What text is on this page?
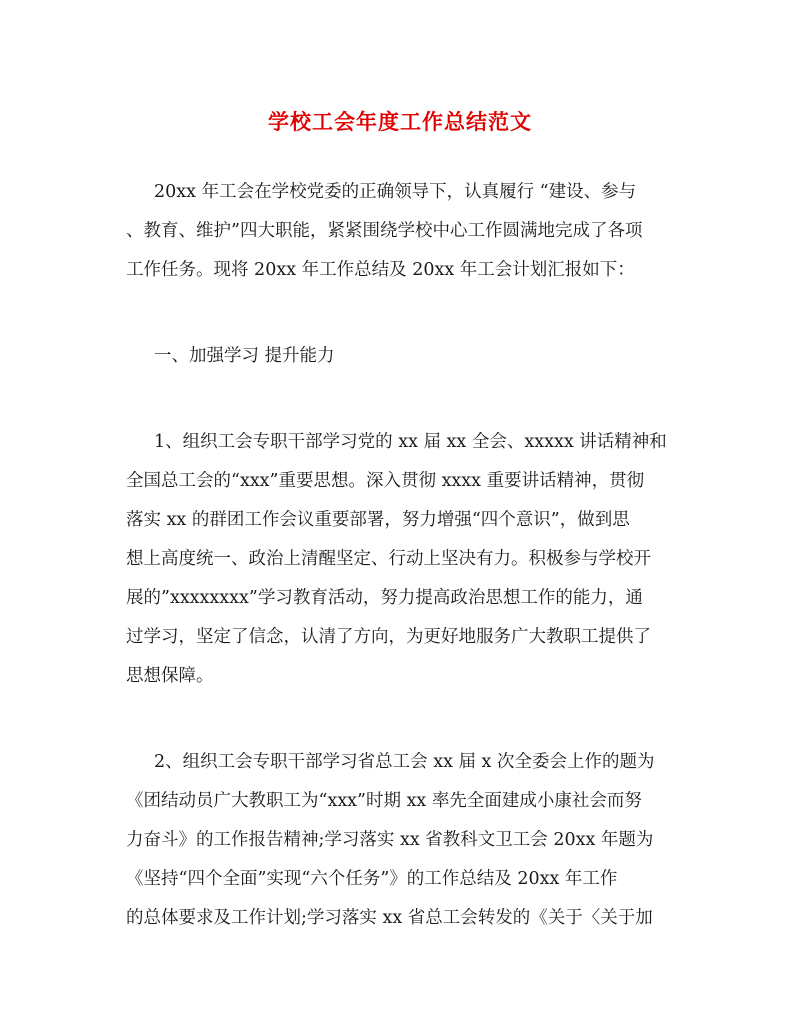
学校工会年度工作总结范文
20xx 年工会在学校党委的正确领导下，认真履行 “建设、参与
、教育、维护”四大职能，紧紧围绕学校中心工作圆满地完成了各项
工作任务。现将 20xx 年工作总结及 20xx 年工会计划汇报如下：
一、加强学习 提升能力
1、组织工会专职干部学习党的 xx 届 xx 全会、xxxxx 讲话精神和
全国总工会的“xxx”重要思想。深入贯彻 xxxx 重要讲话精神，贯彻
落实 xx 的群团工作会议重要部署，努力增强“四个意识”，做到思
想上高度统一、政治上清醒坚定、行动上坚决有力。积极参与学校开
展的”xxxxxxxx”学习教育活动，努力提高政治思想工作的能力，通
过学习，坚定了信念，认清了方向，为更好地服务广大教职工提供了
思想保障。
2、组织工会专职干部学习省总工会 xx 届 x 次全委会上作的题为
《团结动员广大教职工为“xxx”时期 xx 率先全面建成小康社会而努
力奋斗》的工作报告精神;学习落实 xx 省教科文卫工会 20xx 年题为
《坚持“四个全面”实现“六个任务”》的工作总结及 20xx 年工作
的总体要求及工作计划;学习落实 xx 省总工会转发的《关于〈关于加
